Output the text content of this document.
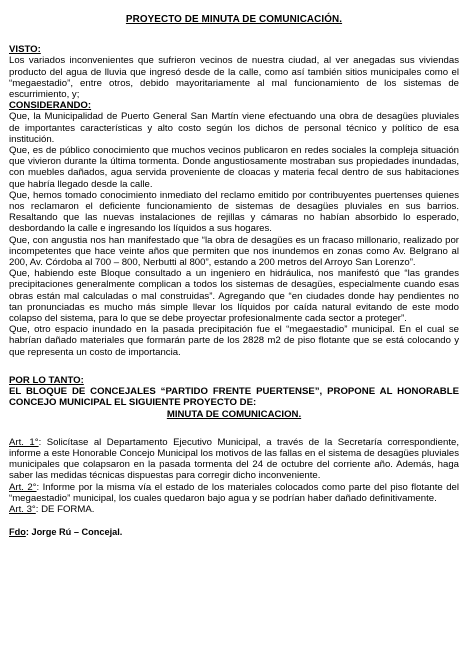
PROYECTO DE MINUTA DE COMUNICACIÓN.
VISTO:

Los variados inconvenientes que sufrieron vecinos de nuestra ciudad, al ver anegadas sus viviendas producto del agua de lluvia que ingresó desde de la calle, como así también sitios municipales como el “megaestadio”, entre otros, debido mayoritariamente al mal funcionamiento de los sistemas de escurrimiento, y;

CONSIDERANDO:

Que, la Municipalidad de Puerto General San Martín viene efectuando una obra de desagües pluviales de importantes características y alto costo según los dichos de personal técnico y político de esa institución.

Que, es de público conocimiento que muchos vecinos publicaron en redes sociales la compleja situación que vivieron durante la última tormenta. Donde angustiosamente mostraban sus propiedades inundadas, con muebles dañados, agua servida proveniente de cloacas y materia fecal dentro de sus habitaciones que habría llegado desde la calle.

Que, hemos tomado conocimiento inmediato del reclamo emitido por contribuyentes puertenses quienes nos reclamaron el deficiente funcionamiento de sistemas de desagües pluviales en sus barrios. Resaltando que las nuevas instalaciones de rejillas y cámaras no habían absorbido lo esperado, desbordando la calle e ingresando los líquidos a sus hogares.

Que, con angustia nos han manifestado que “la obra de desagües es un fracaso millonario, realizado por incompetentes que hace veinte años que permiten que nos inundemos en zonas como Av. Belgrano al 200, Av. Córdoba al 700 – 800, Nerbutti al 800”, estando a 200 metros del Arroyo San Lorenzo”.

Que, habiendo este Bloque consultado a un ingeniero en hidráulica, nos manifestó que “las grandes precipitaciones generalmente complican a todos los sistemas de desagües, especialmente cuando esas obras están mal calculadas o mal construidas”. Agregando que “en ciudades donde hay pendientes no tan pronunciadas es mucho más simple llevar los líquidos por caída natural evitando de este modo colapso del sistema, para lo que se debe proyectar profesionalmente cada sector a proteger”.

Que, otro espacio inundado en la pasada precipitación fue el “megaestadio” municipal. En el cual se habrían dañado materiales que formarán parte de los 2828 m2 de piso flotante que se está colocando y que representa un costo de importancia.

POR LO TANTO:

EL BLOQUE DE CONCEJALES “PARTIDO FRENTE PUERTENSE”, PROPONE AL HONORABLE CONCEJO MUNICIPAL EL SIGUIENTE PROYECTO DE:

MINUTA DE COMUNICACION.

Art. 1°: Solicítase al Departamento Ejecutivo Municipal, a través de la Secretaría correspondiente, informe a este Honorable Concejo Municipal los motivos de las fallas en el sistema de desagües pluviales municipales que colapsaron en la pasada tormenta del 24 de octubre del corriente año. Además, haga saber las medidas técnicas dispuestas para corregir dicho inconveniente.

Art. 2°: Informe por la misma vía el estado de los materiales colocados como parte del piso flotante del “megaestadio” municipal, los cuales quedaron bajo agua y se podrían haber dañado definitivamente.

Art. 3°: DE FORMA.

Fdo: Jorge Rú – Concejal.
